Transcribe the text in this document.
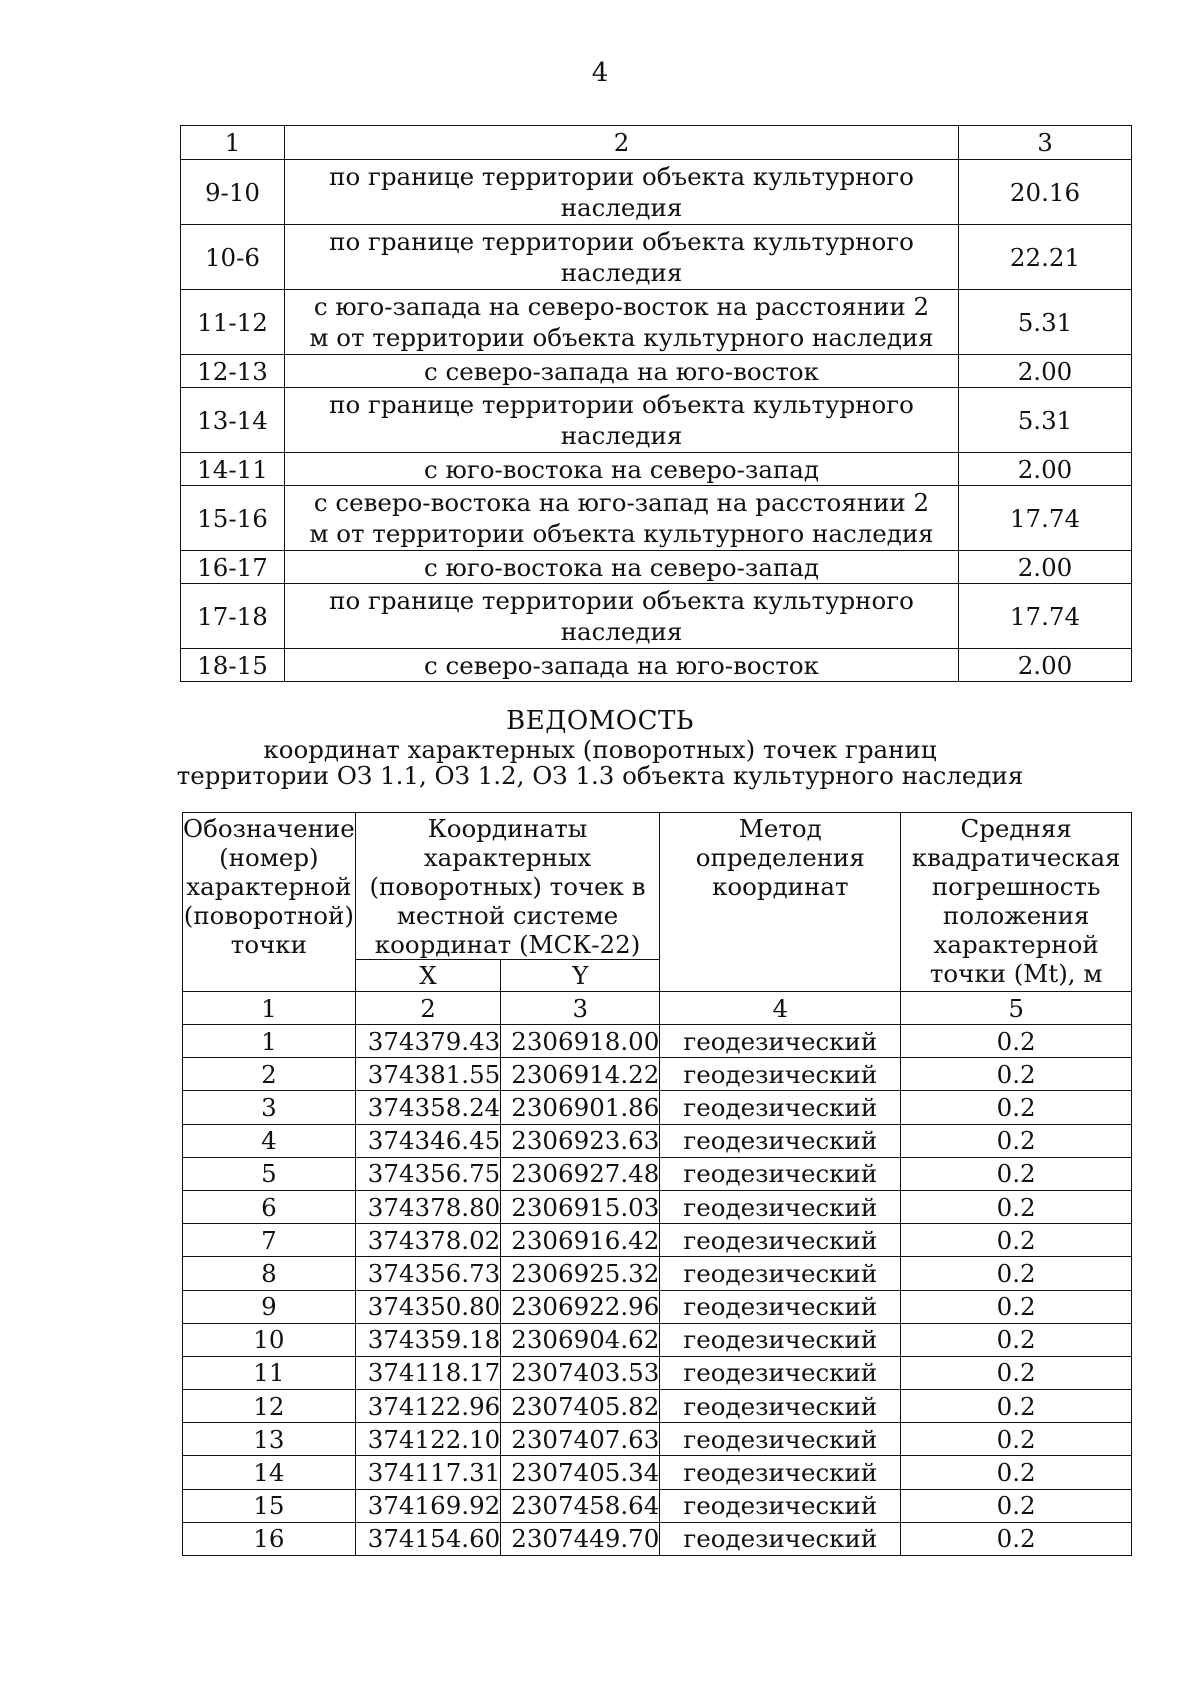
4
1	2	3
9-10	по границе территории объекта культурного наследия	20.16
10-6	по границе территории объекта культурного наследия	22.21
11-12	с юго-запада на северо-восток на расстоянии 2 м от территории объекта культурного наследия	5.31
12-13	с северо-запада на юго-восток	2.00
13-14	по границе территории объекта культурного наследия	5.31
14-11	с юго-востока на северо-запад	2.00
15-16	с северо-востока на юго-запад на расстоянии 2 м от территории объекта культурного наследия	17.74
16-17	с юго-востока на северо-запад	2.00
17-18	по границе территории объекта культурного наследия	17.74
18-15	с северо-запада на юго-восток	2.00
ВЕДОМОСТЬ
координат характерных (поворотных) точек границ
территории ОЗ 1.1, ОЗ 1.2, ОЗ 1.3 объекта культурного наследия
Обозначение (номер) характерной (поворотной) точки	Координаты характерных (поворотных) точек в местной системе координат (МСК-22)		Метод определения координат	Средняя квадратическая погрешность положения характерной точки (Mt), м
	X	Y		
1	2	3	4	5
1	374379.43	2306918.00	геодезический	0.2
2	374381.55	2306914.22	геодезический	0.2
3	374358.24	2306901.86	геодезический	0.2
4	374346.45	2306923.63	геодезический	0.2
5	374356.75	2306927.48	геодезический	0.2
6	374378.80	2306915.03	геодезический	0.2
7	374378.02	2306916.42	геодезический	0.2
8	374356.73	2306925.32	геодезический	0.2
9	374350.80	2306922.96	геодезический	0.2
10	374359.18	2306904.62	геодезический	0.2
11	374118.17	2307403.53	геодезический	0.2
12	374122.96	2307405.82	геодезический	0.2
13	374122.10	2307407.63	геодезический	0.2
14	374117.31	2307405.34	геодезический	0.2
15	374169.92	2307458.64	геодезический	0.2
16	374154.60	2307449.70	геодезический	0.2
